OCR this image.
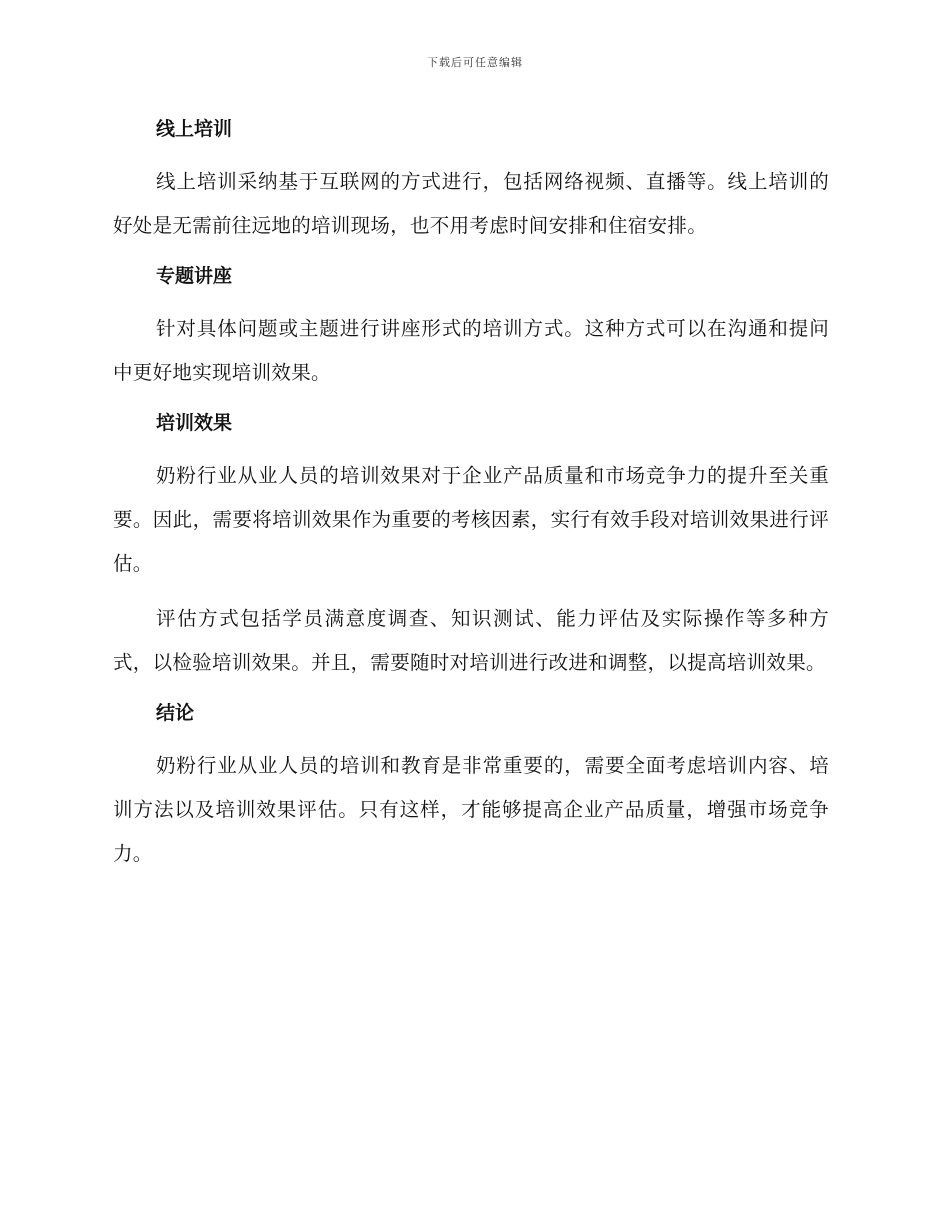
下载后可任意编辑
线上培训

线上培训采纳基于互联网的方式进行，包括网络视频、直播等。线上培训的好处是无需前往远地的培训现场，也不用考虑时间安排和住宿安排。

专题讲座

针对具体问题或主题进行讲座形式的培训方式。这种方式可以在沟通和提问中更好地实现培训效果。

培训效果

奶粉行业从业人员的培训效果对于企业产品质量和市场竞争力的提升至关重要。因此，需要将培训效果作为重要的考核因素，实行有效手段对培训效果进行评估。

评估方式包括学员满意度调查、知识测试、能力评估及实际操作等多种方式，以检验培训效果。并且，需要随时对培训进行改进和调整，以提高培训效果。

结论

奶粉行业从业人员的培训和教育是非常重要的，需要全面考虑培训内容、培训方法以及培训效果评估。只有这样，才能够提高企业产品质量，增强市场竞争力。
